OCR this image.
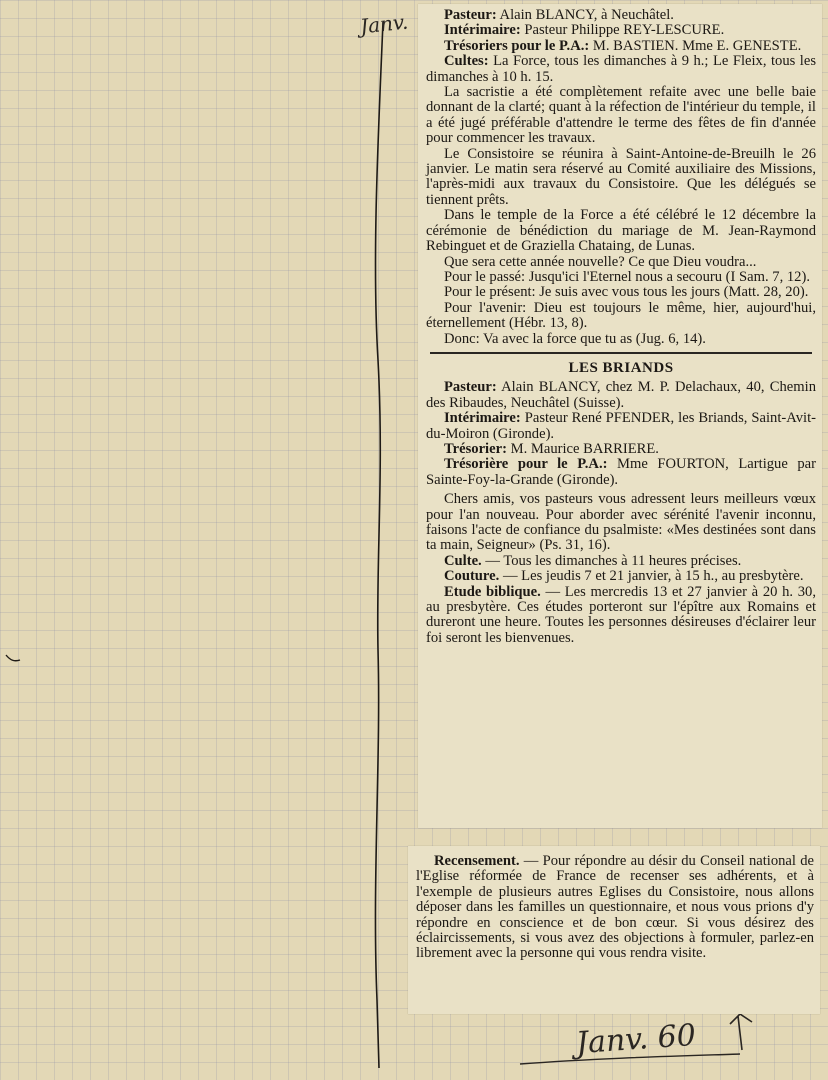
Janv.
Janv. 60

Pasteur: Alain BLANCY, à Neuchâtel.

Intérimaire: Pasteur Philippe REY-LESCURE.

Trésoriers pour le P.A.: M. BASTIEN. Mme E. GENESTE.

Cultes: La Force, tous les dimanches à 9 h.; Le Fleix, tous les dimanches à 10 h. 15.

La sacristie a été complètement refaite avec une belle baie donnant de la clarté; quant à la réfection de l'intérieur du temple, il a été jugé préférable d'attendre le terme des fêtes de fin d'année pour commencer les travaux.

Le Consistoire se réunira à Saint-Antoine-de-Breuilh le 26 janvier. Le matin sera réservé au Comité auxiliaire des Missions, l'après-midi aux travaux du Consistoire. Que les délégués se tiennent prêts.

Dans le temple de la Force a été célébré le 12 décembre la cérémonie de bénédiction du mariage de M. Jean-Raymond Rebinguet et de Graziella Chataing, de Lunas.

Que sera cette année nouvelle? Ce que Dieu voudra...

Pour le passé: Jusqu'ici l'Eternel nous a secouru (I Sam. 7, 12).

Pour le présent: Je suis avec vous tous les jours (Matt. 28, 20).

Pour l'avenir: Dieu est toujours le même, hier, aujourd'hui, éternellement (Hébr. 13, 8).

Donc: Va avec la force que tu as (Jug. 6, 14).

LES BRIANDS

Pasteur: Alain BLANCY, chez M. P. Delachaux, 40, Chemin des Ribaudes, Neuchâtel (Suisse).

Intérimaire: Pasteur René PFENDER, les Briands, Saint-Avit-du-Moiron (Gironde).

Trésorier: M. Maurice BARRIERE.

Trésorière pour le P.A.: Mme FOURTON, Lartigue par Sainte-Foy-la-Grande (Gironde).

Chers amis, vos pasteurs vous adressent leurs meilleurs vœux pour l'an nouveau. Pour aborder avec sérénité l'avenir inconnu, faisons l'acte de confiance du psalmiste: «Mes destinées sont dans ta main, Seigneur» (Ps. 31, 16).

Culte. — Tous les dimanches à 11 heures précises.

Couture. — Les jeudis 7 et 21 janvier, à 15 h., au presbytère.

Etude biblique. — Les mercredis 13 et 27 janvier à 20 h. 30, au presbytère. Ces études porteront sur l'épître aux Romains et dureront une heure. Toutes les personnes désireuses d'éclairer leur foi seront les bienvenues.

Recensement. — Pour répondre au désir du Conseil national de l'Eglise réformée de France de recenser ses adhérents, et à l'exemple de plusieurs autres Eglises du Consistoire, nous allons déposer dans les familles un questionnaire, et nous vous prions d'y répondre en conscience et de bon cœur. Si vous désirez des éclaircissements, si vous avez des objections à formuler, parlez-en librement avec la personne qui vous rendra visite.
